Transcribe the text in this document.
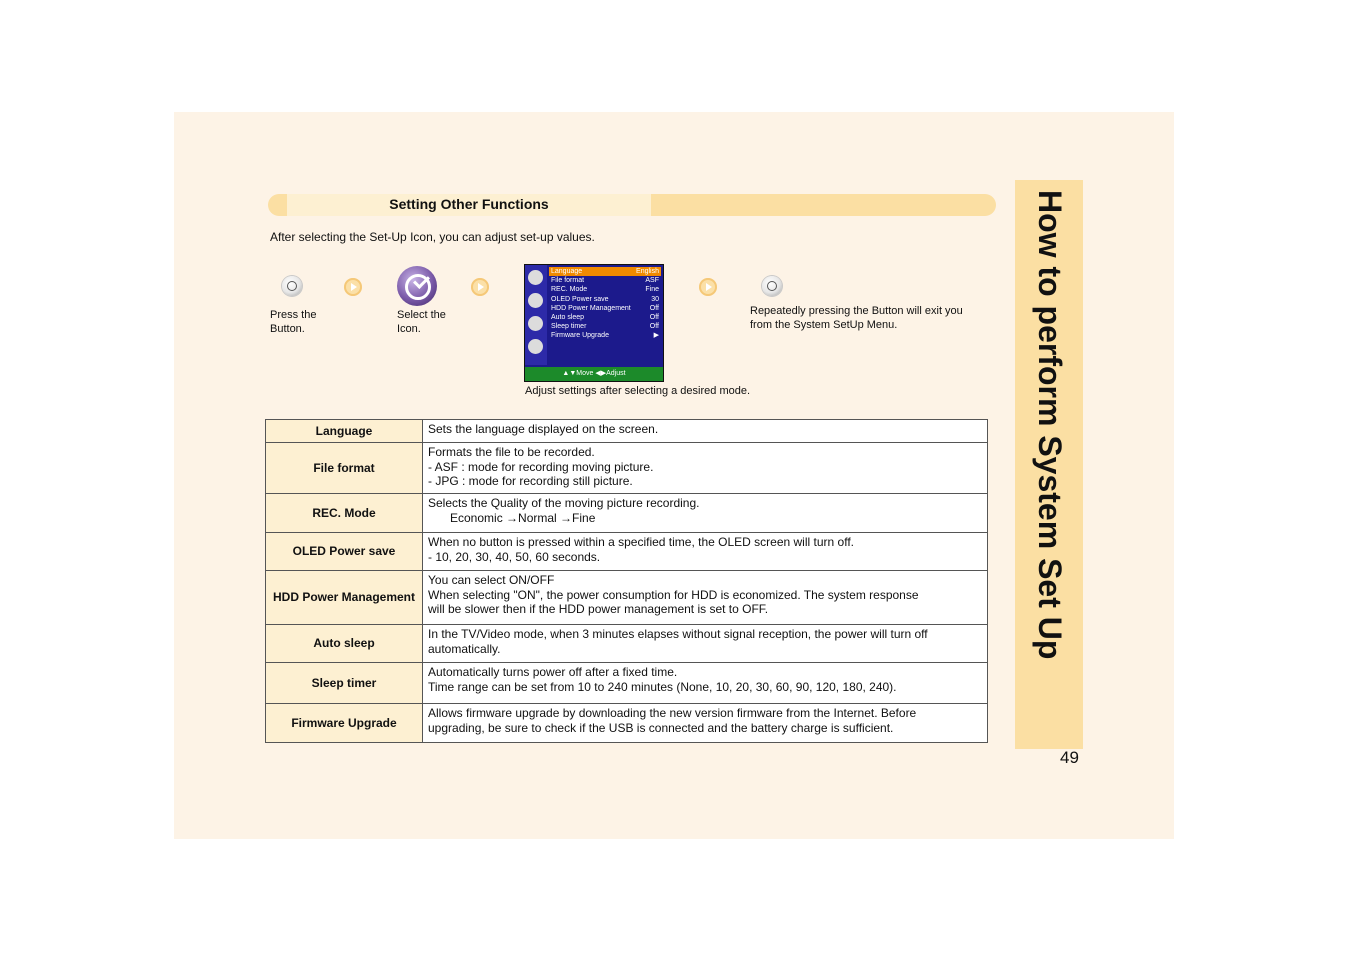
How to perform System Set Up
49
Setting Other Functions
After selecting the Set-Up Icon, you can adjust set-up values.
Press the
Button.
Select the
Icon.
Repeatedly pressing the Button will exit you
from the System SetUp Menu.
Language	English
File format	ASF
REC. Mode	Fine
OLED Power save	30
HDD Power Management	Off
Auto sleep	Off
Sleep timer	Off
Firmware Upgrade	▶
▲▼Move ◀▶Adjust
Adjust settings after selecting a desired mode.
Language	Sets the language displayed on the screen.

File format	Formats the file to be recorded.
- ASF : mode for recording moving picture.
- JPG : mode for recording still picture.

REC. Mode	Selects the Quality of the moving picture recording.
Economic →Normal →Fine

OLED Power save	When no button is pressed within a specified time, the OLED screen will turn off.
- 10, 20, 30, 40, 50, 60 seconds.

HDD Power Management	You can select ON/OFF
When selecting "ON", the power consumption for HDD is economized. The system response
will be slower then if the HDD power management is set to OFF.

Auto sleep	In the TV/Video mode, when 3 minutes elapses without signal reception, the power will turn off
automatically.

Sleep timer	Automatically turns power off after a fixed time.
Time range can be set from 10 to 240 minutes (None, 10, 20, 30, 60, 90, 120, 180, 240).

Firmware Upgrade	Allows firmware upgrade by downloading the new version firmware from the Internet. Before
upgrading, be sure to check if the USB is connected and the battery charge is sufficient.
